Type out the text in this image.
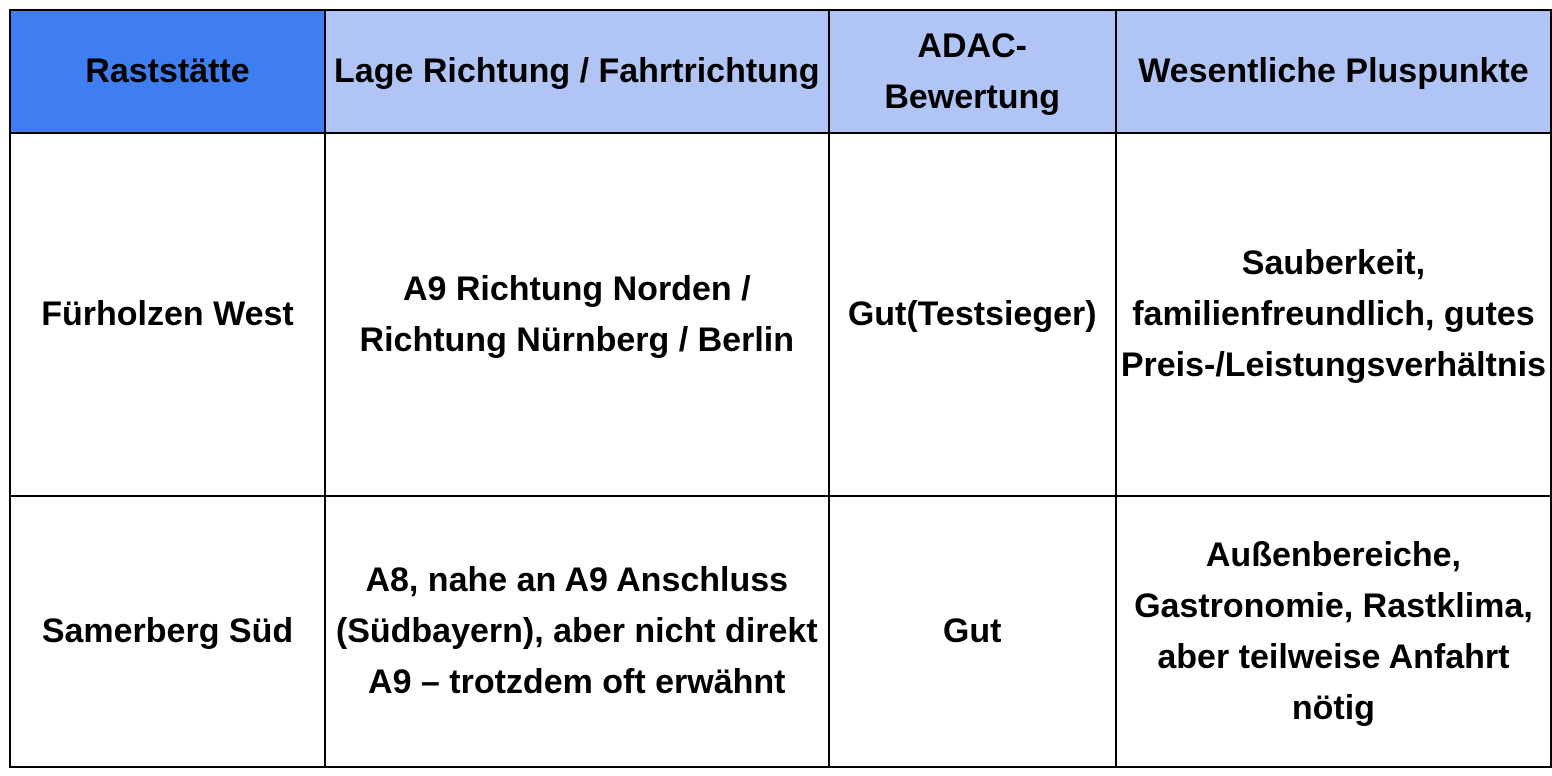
Raststätte	Lage Richtung / Fahrtrichtung	ADAC-Bewertung	Wesentliche Pluspunkte
Fürholzen West	A9 Richtung Norden / Richtung Nürnberg / Berlin	Gut(Testsieger)	Sauberkeit, familienfreundlich, gutes Preis-/Leistungsverhältnis
Samerberg Süd	A8, nahe an A9 Anschluss (Südbayern), aber nicht direkt A9 – trotzdem oft erwähnt	Gut	Außenbereiche, Gastronomie, Rastklima, aber teilweise Anfahrt nötig
